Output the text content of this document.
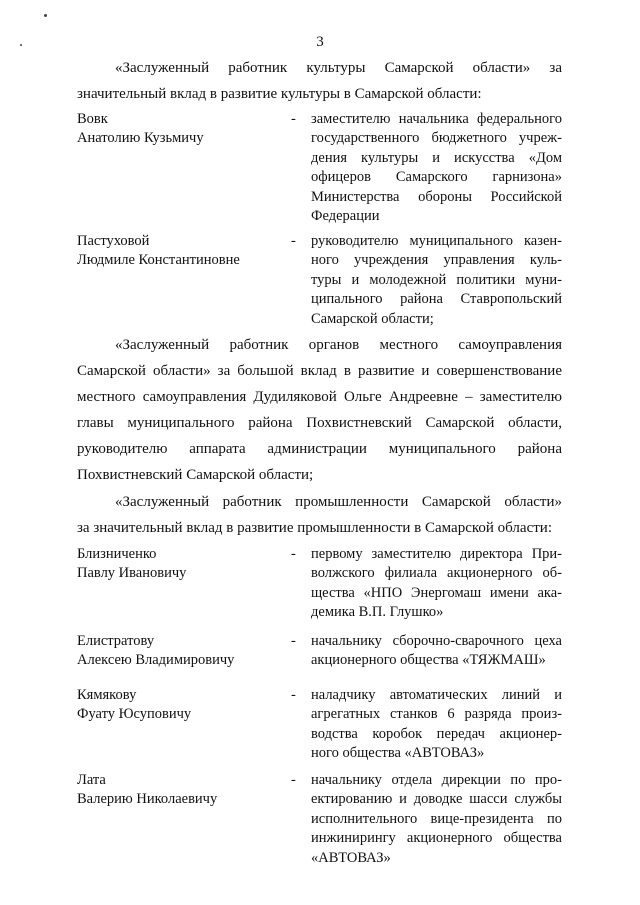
3
«Заслуженный работник культуры Самарской области» за
значительный вклад в развитие культуры в Самарской области:
Вовк
Анатолию Кузьмичу
- заместителю начальника федерального
государственного бюджетного учреж-
дения культуры и искусства «Дом
офицеров Самарского гарнизона»
Министерства обороны Российской
Федерации
Пастуховой
Людмиле Константиновне
- руководителю муниципального казен-
ного учреждения управления куль-
туры и молодежной политики муни-
ципального района Ставропольский
Самарской области;
«Заслуженный работник органов местного самоуправления
Самарской области» за большой вклад в развитие и совершенствование
местного самоуправления Дудиляковой Ольге Андреевне – заместителю
главы муниципального района Похвистневский Самарской области,
руководителю аппарата администрации муниципального района
Похвистневский Самарской области;
«Заслуженный работник промышленности Самарской области»
за значительный вклад в развитие промышленности в Самарской области:
Близниченко
Павлу Ивановичу
- первому заместителю директора При-
волжского филиала акционерного об-
щества «НПО Энергомаш имени ака-
демика В.П. Глушко»
Елистратову
Алексею Владимировичу
- начальнику сборочно-сварочного цеха
акционерного общества «ТЯЖМАШ»
Кямякову
Фуату Юсуповичу
- наладчику автоматических линий и
агрегатных станков 6 разряда произ-
водства коробок передач акционер-
ного общества «АВТОВАЗ»
Лата
Валерию Николаевичу
- начальнику отдела дирекции по про-
ектированию и доводке шасси службы
исполнительного вице-президента по
инжинирингу акционерного общества
«АВТОВАЗ»
